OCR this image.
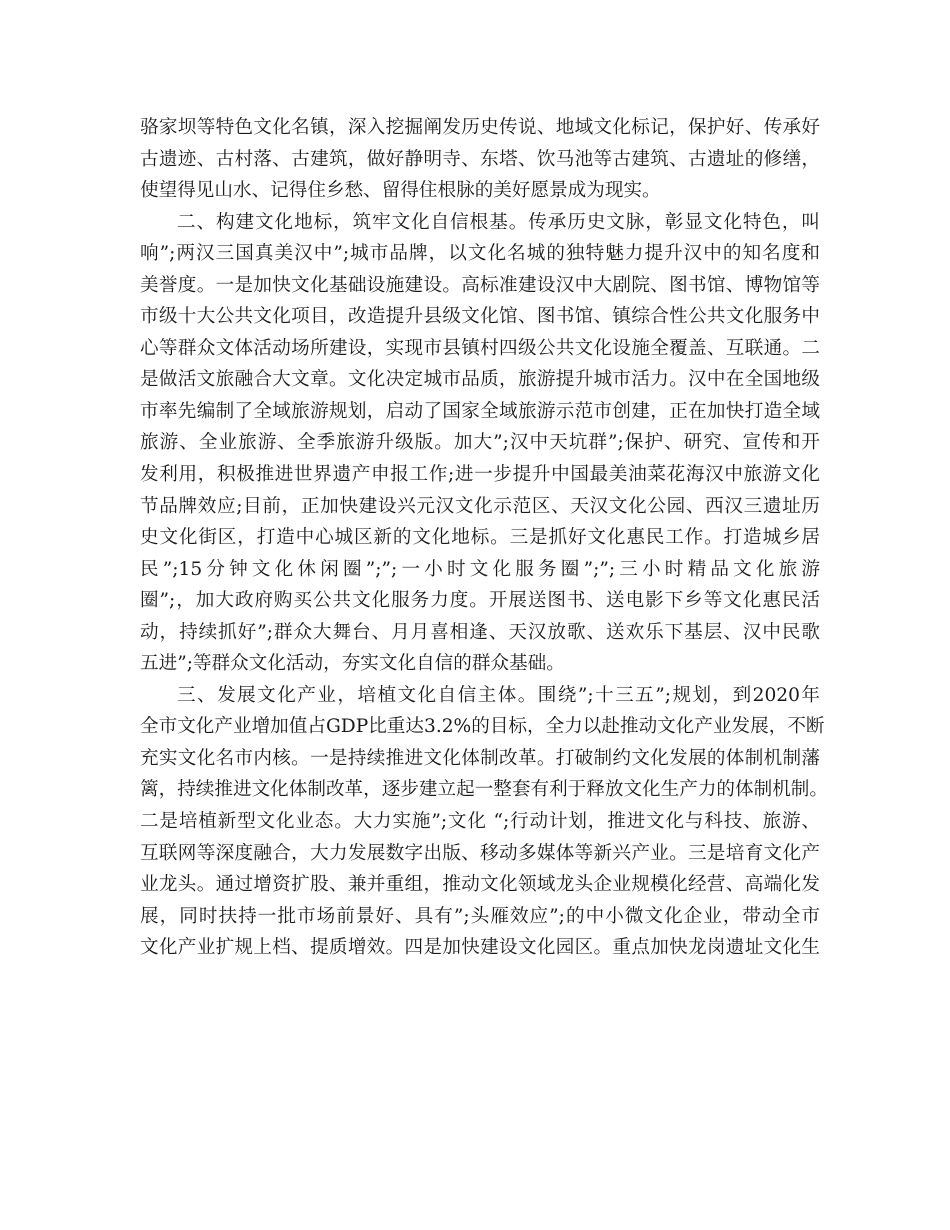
骆家坝等特色文化名镇，深入挖掘阐发历史传说、地域文化标记，保护好、传承好
古遗迹、古村落、古建筑，做好静明寺、东塔、饮马池等古建筑、古遗址的修缮，
使望得见山水、记得住乡愁、留得住根脉的美好愿景成为现实。
二、构建文化地标，筑牢文化自信根基。传承历史文脉，彰显文化特色，叫
响”;两汉三国真美汉中”;城市品牌，以文化名城的独特魅力提升汉中的知名度和
美誉度。一是加快文化基础设施建设。高标准建设汉中大剧院、图书馆、博物馆等
市级十大公共文化项目，改造提升县级文化馆、图书馆、镇综合性公共文化服务中
心等群众文体活动场所建设，实现市县镇村四级公共文化设施全覆盖、互联通。二
是做活文旅融合大文章。文化决定城市品质，旅游提升城市活力。汉中在全国地级
市率先编制了全域旅游规划，启动了国家全域旅游示范市创建，正在加快打造全域
旅游、全业旅游、全季旅游升级版。加大”;汉中天坑群”;保护、研究、宣传和开
发利用，积极推进世界遗产申报工作;进一步提升中国最美油菜花海汉中旅游文化
节品牌效应;目前，正加快建设兴元汉文化示范区、天汉文化公园、西汉三遗址历
史文化街区，打造中心城区新的文化地标。三是抓好文化惠民工作。打造城乡居
民”;15分钟文化休闲圈”;”;一小时文化服务圈”;”;三小时精品文化旅游
圈”;，加大政府购买公共文化服务力度。开展送图书、送电影下乡等文化惠民活
动，持续抓好”;群众大舞台、月月喜相逢、天汉放歌、送欢乐下基层、汉中民歌
五进”;等群众文化活动，夯实文化自信的群众基础。
三、发展文化产业，培植文化自信主体。围绕”;十三五”;规划，到2020年
全市文化产业增加值占GDP比重达3.2%的目标，全力以赴推动文化产业发展，不断
充实文化名市内核。一是持续推进文化体制改革。打破制约文化发展的体制机制藩
篱，持续推进文化体制改革，逐步建立起一整套有利于释放文化生产力的体制机制。
二是培植新型文化业态。大力实施”;文化 “;行动计划，推进文化与科技、旅游、
互联网等深度融合，大力发展数字出版、移动多媒体等新兴产业。三是培育文化产
业龙头。通过增资扩股、兼并重组，推动文化领域龙头企业规模化经营、高端化发
展，同时扶持一批市场前景好、具有”;头雁效应”;的中小微文化企业，带动全市
文化产业扩规上档、提质增效。四是加快建设文化园区。重点加快龙岗遗址文化生
